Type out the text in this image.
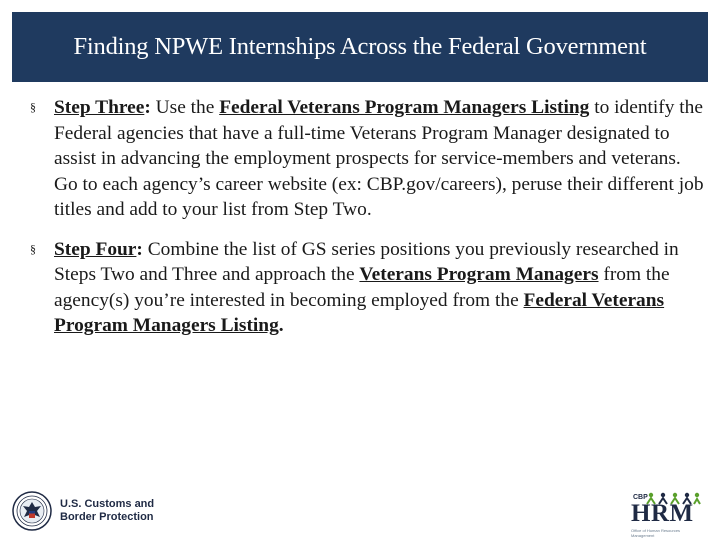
Finding NPWE Internships Across the Federal Government
§ Step Three: Use the Federal Veterans Program Managers Listing to identify the Federal agencies that have a full-time Veterans Program Manager designated to assist in advancing the employment prospects for service-members and veterans. Go to each agency’s career website (ex: CBP.gov/careers), peruse their different job titles and add to your list from Step Two.
§ Step Four: Combine the list of GS series positions you previously researched in Steps Two and Three and approach the Veterans Program Managers from the agency(s) you’re interested in becoming employed from the Federal Veterans Program Managers Listing.
U.S. Customs and
Border Protection
CBP
HRM
Office of Human Resources Management
